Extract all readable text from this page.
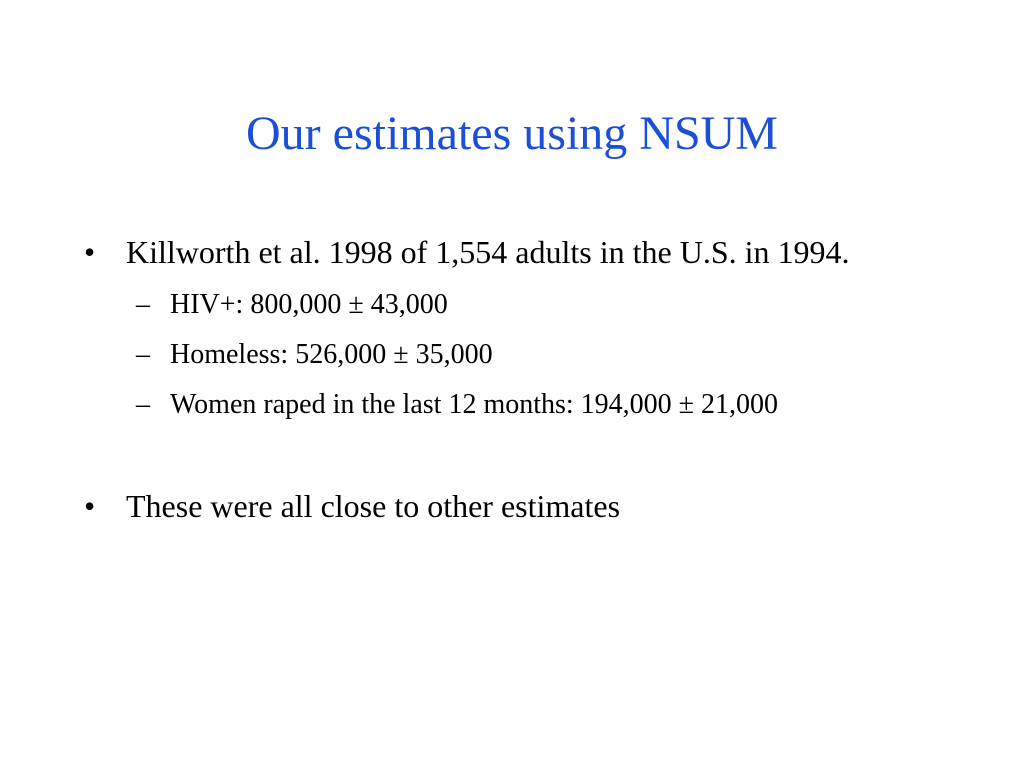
Our estimates using NSUM
• Killworth et al. 1998 of 1,554 adults in the U.S. in 1994.
– HIV+: 800,000 ± 43,000
– Homeless: 526,000 ± 35,000
– Women raped in the last 12 months: 194,000 ± 21,000
• These were all close to other estimates
